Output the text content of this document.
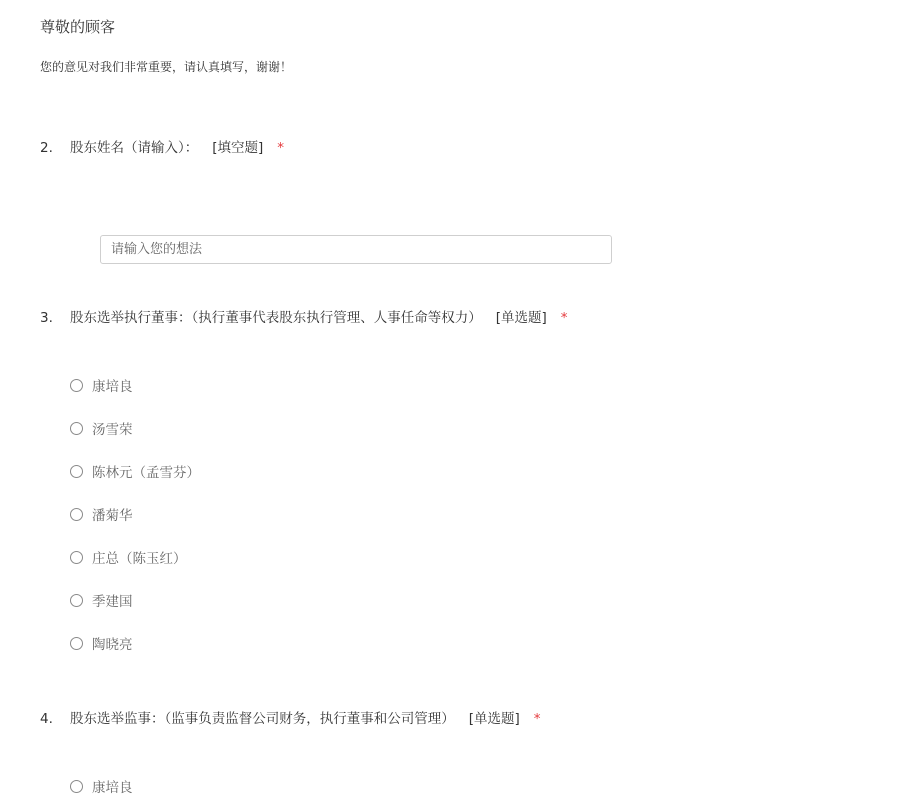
尊敬的顾客
您的意见对我们非常重要，请认真填写，谢谢！
2. 股东姓名（请输入）： [填空题] *
请输入您的想法
3. 股东选举执行董事：（执行董事代表股东执行管理、人事任命等权力） [单选题] *
康培良
汤雪荣
陈林元（孟雪芬）
潘菊华
庄总（陈玉红）
季建国
陶晓亮
4. 股东选举监事：（监事负责监督公司财务，执行董事和公司管理） [单选题] *
康培良
